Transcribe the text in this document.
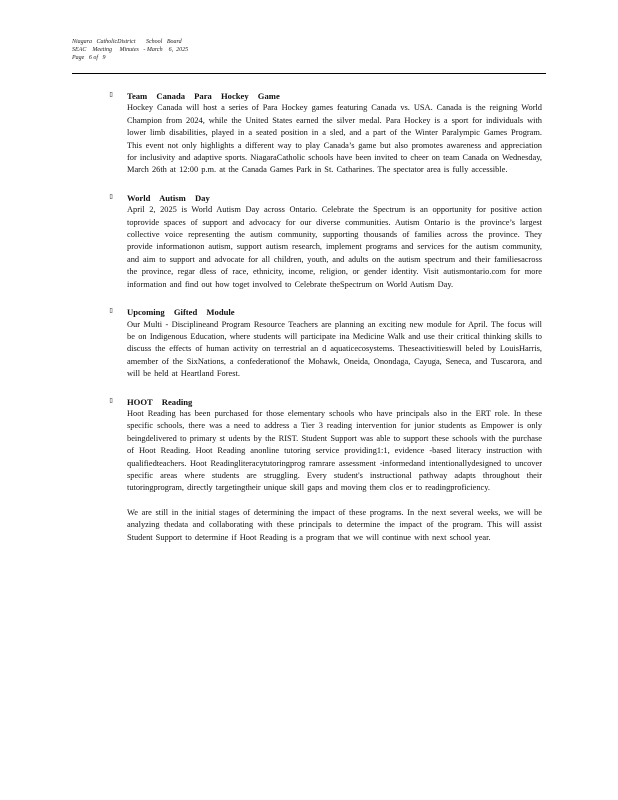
Niagara   CatholicDistrict       School   Board
SEAC    Meeting     Minutes   - March    6,  2025
Page   6 of   9
▯

Team Canada Para Hockey Game

Hockey Canada will host a series of Para Hockey games featuring Canada vs. USA. Canada is the reigning World Champion from 2024, while the United States earned the silver medal. Para Hockey is a sport for individuals with lower limb disabilities, played in a seated position in a sled, and a part of the Winter Paralympic Games Program. This event not only highlights a different way to play Canada’s game but also promotes awareness and appreciation for inclusivity and adaptive sports. NiagaraCatholic schools have been invited to cheer on team Canada on Wednesday, March 26th at 12:00 p.m. at the Canada Games Park in St. Catharines. The spectator area is fully accessible.

▯

World Autism Day

April 2, 2025 is World Autism Day across Ontario. Celebrate the Spectrum is an opportunity for positive action toprovide spaces of support and advocacy for our diverse communities. Autism Ontario is the province’s largest collective voice representing the autism community, supporting thousands of families across the province. They provide informationon autism, support autism research, implement programs and services for the autism community, and aim to support and advocate for all children, youth, and adults on the autism spectrum and their familiesacross the province, regar dless of race, ethnicity, income, religion, or gender identity. Visit autismontario.com for more information and find out how toget involved to Celebrate theSpectrum on World Autism Day.

▯

Upcoming Gifted Module

Our Multi - Disciplineand Program Resource Teachers are planning an exciting new module for April. The focus will be on Indigenous Education, where students will participate ina Medicine Walk and use their critical thinking skills to discuss the effects of human activity on terrestrial an d aquaticecosystems. Theseactivitieswill beled by LouisHarris, amember of the SixNations, a confederationof the Mohawk, Oneida, Onondaga, Cayuga, Seneca, and Tuscarora, and will be held at Heartland Forest.

▯

HOOT Reading

Hoot Reading has been purchased for those elementary schools who have principals also in the ERT role. In these specific schools, there was a need to address a Tier 3 reading intervention for junior students as Empower is only beingdelivered to primary st udents by the RIST. Student Support was able to support these schools with the purchase of Hoot Reading. Hoot Reading anonline tutoring service providing1:1, evidence -based literacy instruction with qualifiedteachers. Hoot Readingliteracytutoringprog ramrare assessment -informedand intentionallydesigned to uncover specific areas where students are struggling. Every student's instructional pathway adapts throughout their tutoringprogram, directly targetingtheir unique skill gaps and moving them clos er to readingproficiency.

We are still in the initial stages of determining the impact of these programs. In the next several weeks, we will be analyzing thedata and collaborating with these principals to determine the impact of the program. This will assist Student Support to determine if Hoot Reading is a program that we will continue with next school year.
